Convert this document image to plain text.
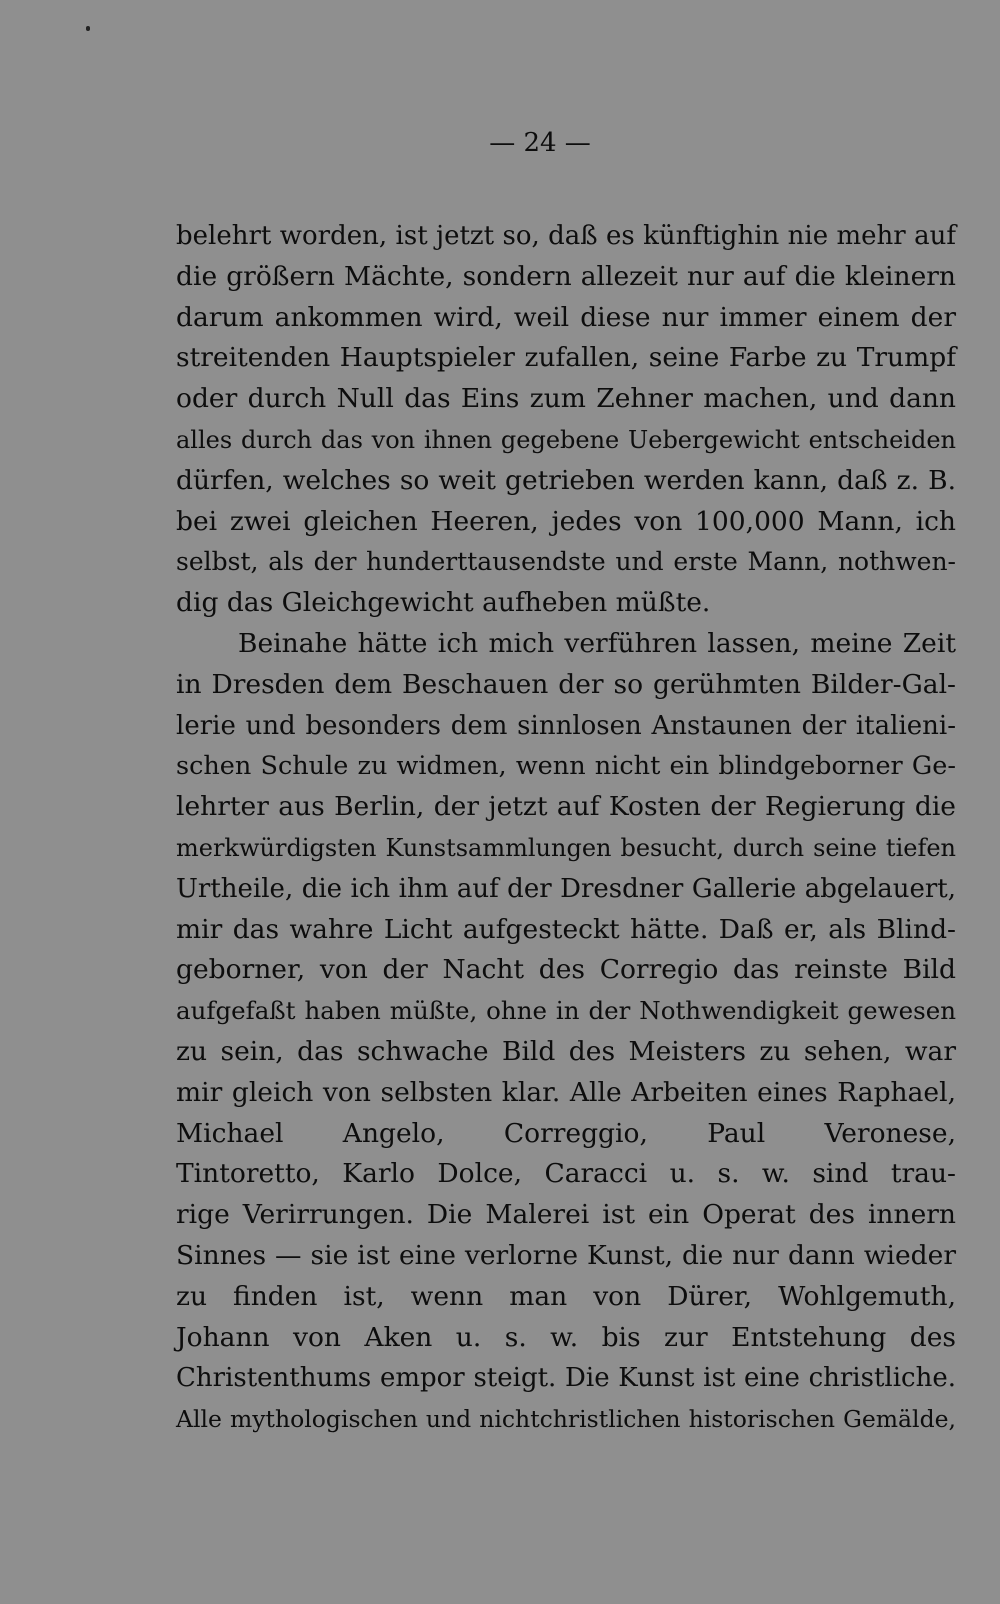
— 24 —
belehrt worden, ist jetzt so, daß es künftighin nie mehr auf
die größern Mächte, sondern allezeit nur auf die kleinern
darum ankommen wird, weil diese nur immer einem der
streitenden Hauptspieler zufallen, seine Farbe zu Trumpf
oder durch Null das Eins zum Zehner machen, und dann
alles durch das von ihnen gegebene Uebergewicht entscheiden
dürfen, welches so weit getrieben werden kann, daß z. B.
bei zwei gleichen Heeren, jedes von 100,000 Mann, ich
selbst, als der hunderttausendste und erste Mann, nothwen-
dig das Gleichgewicht aufheben müßte.
Beinahe hätte ich mich verführen lassen, meine Zeit
in Dresden dem Beschauen der so gerühmten Bilder-Gal-
lerie und besonders dem sinnlosen Anstaunen der italieni-
schen Schule zu widmen, wenn nicht ein blindgeborner Ge-
lehrter aus Berlin, der jetzt auf Kosten der Regierung die
merkwürdigsten Kunstsammlungen besucht, durch seine tiefen
Urtheile, die ich ihm auf der Dresdner Gallerie abgelauert,
mir das wahre Licht aufgesteckt hätte. Daß er, als Blind-
geborner, von der Nacht des Corregio das reinste Bild
aufgefaßt haben müßte, ohne in der Nothwendigkeit gewesen
zu sein, das schwache Bild des Meisters zu sehen, war
mir gleich von selbsten klar. Alle Arbeiten eines Raphael,
Michael Angelo, Correggio, Paul Veronese,
Tintoretto, Karlo Dolce, Caracci u. s. w. sind trau-
rige Verirrungen. Die Malerei ist ein Operat des innern
Sinnes — sie ist eine verlorne Kunst, die nur dann wieder
zu finden ist, wenn man von Dürer, Wohlgemuth,
Johann von Aken u. s. w. bis zur Entstehung des
Christenthums empor steigt. Die Kunst ist eine christliche.
Alle mythologischen und nichtchristlichen historischen Gemälde,
